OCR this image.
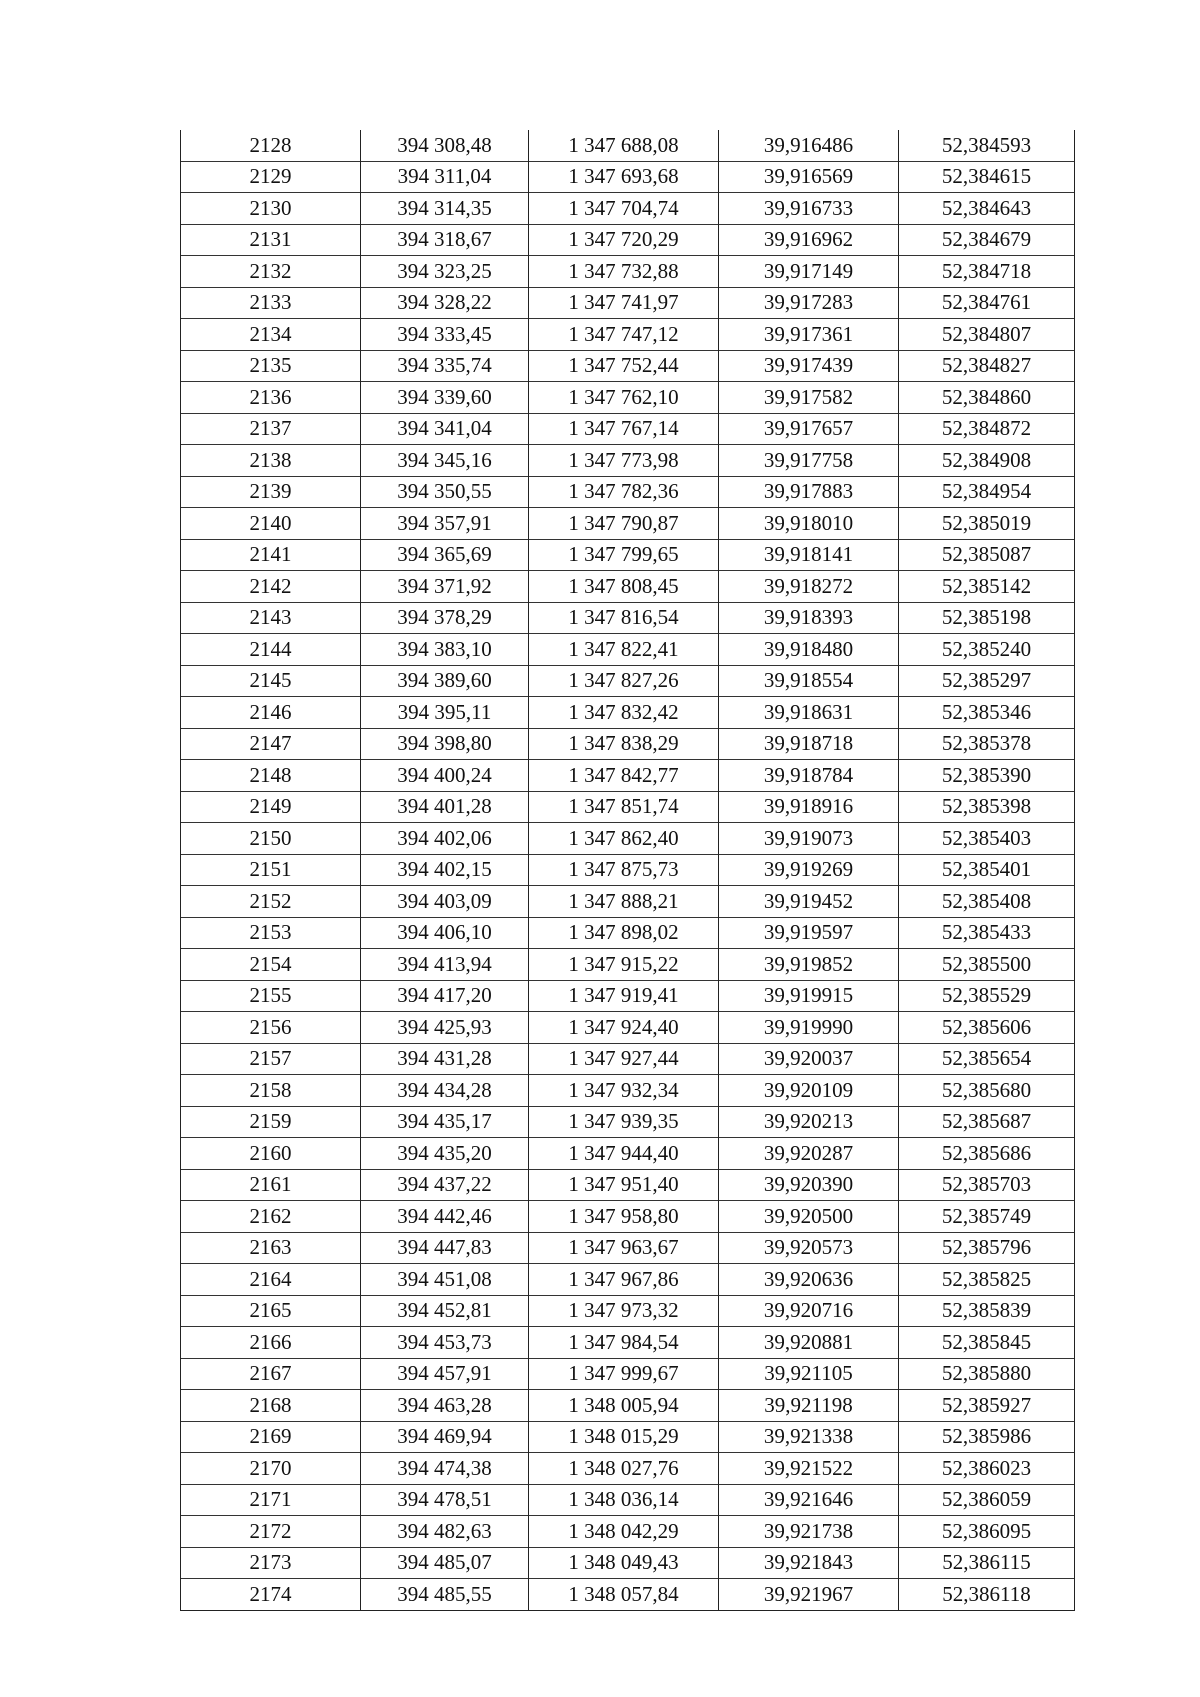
2128	394 308,48	1 347 688,08	39,916486	52,384593
2129	394 311,04	1 347 693,68	39,916569	52,384615
2130	394 314,35	1 347 704,74	39,916733	52,384643
2131	394 318,67	1 347 720,29	39,916962	52,384679
2132	394 323,25	1 347 732,88	39,917149	52,384718
2133	394 328,22	1 347 741,97	39,917283	52,384761
2134	394 333,45	1 347 747,12	39,917361	52,384807
2135	394 335,74	1 347 752,44	39,917439	52,384827
2136	394 339,60	1 347 762,10	39,917582	52,384860
2137	394 341,04	1 347 767,14	39,917657	52,384872
2138	394 345,16	1 347 773,98	39,917758	52,384908
2139	394 350,55	1 347 782,36	39,917883	52,384954
2140	394 357,91	1 347 790,87	39,918010	52,385019
2141	394 365,69	1 347 799,65	39,918141	52,385087
2142	394 371,92	1 347 808,45	39,918272	52,385142
2143	394 378,29	1 347 816,54	39,918393	52,385198
2144	394 383,10	1 347 822,41	39,918480	52,385240
2145	394 389,60	1 347 827,26	39,918554	52,385297
2146	394 395,11	1 347 832,42	39,918631	52,385346
2147	394 398,80	1 347 838,29	39,918718	52,385378
2148	394 400,24	1 347 842,77	39,918784	52,385390
2149	394 401,28	1 347 851,74	39,918916	52,385398
2150	394 402,06	1 347 862,40	39,919073	52,385403
2151	394 402,15	1 347 875,73	39,919269	52,385401
2152	394 403,09	1 347 888,21	39,919452	52,385408
2153	394 406,10	1 347 898,02	39,919597	52,385433
2154	394 413,94	1 347 915,22	39,919852	52,385500
2155	394 417,20	1 347 919,41	39,919915	52,385529
2156	394 425,93	1 347 924,40	39,919990	52,385606
2157	394 431,28	1 347 927,44	39,920037	52,385654
2158	394 434,28	1 347 932,34	39,920109	52,385680
2159	394 435,17	1 347 939,35	39,920213	52,385687
2160	394 435,20	1 347 944,40	39,920287	52,385686
2161	394 437,22	1 347 951,40	39,920390	52,385703
2162	394 442,46	1 347 958,80	39,920500	52,385749
2163	394 447,83	1 347 963,67	39,920573	52,385796
2164	394 451,08	1 347 967,86	39,920636	52,385825
2165	394 452,81	1 347 973,32	39,920716	52,385839
2166	394 453,73	1 347 984,54	39,920881	52,385845
2167	394 457,91	1 347 999,67	39,921105	52,385880
2168	394 463,28	1 348 005,94	39,921198	52,385927
2169	394 469,94	1 348 015,29	39,921338	52,385986
2170	394 474,38	1 348 027,76	39,921522	52,386023
2171	394 478,51	1 348 036,14	39,921646	52,386059
2172	394 482,63	1 348 042,29	39,921738	52,386095
2173	394 485,07	1 348 049,43	39,921843	52,386115
2174	394 485,55	1 348 057,84	39,921967	52,386118
